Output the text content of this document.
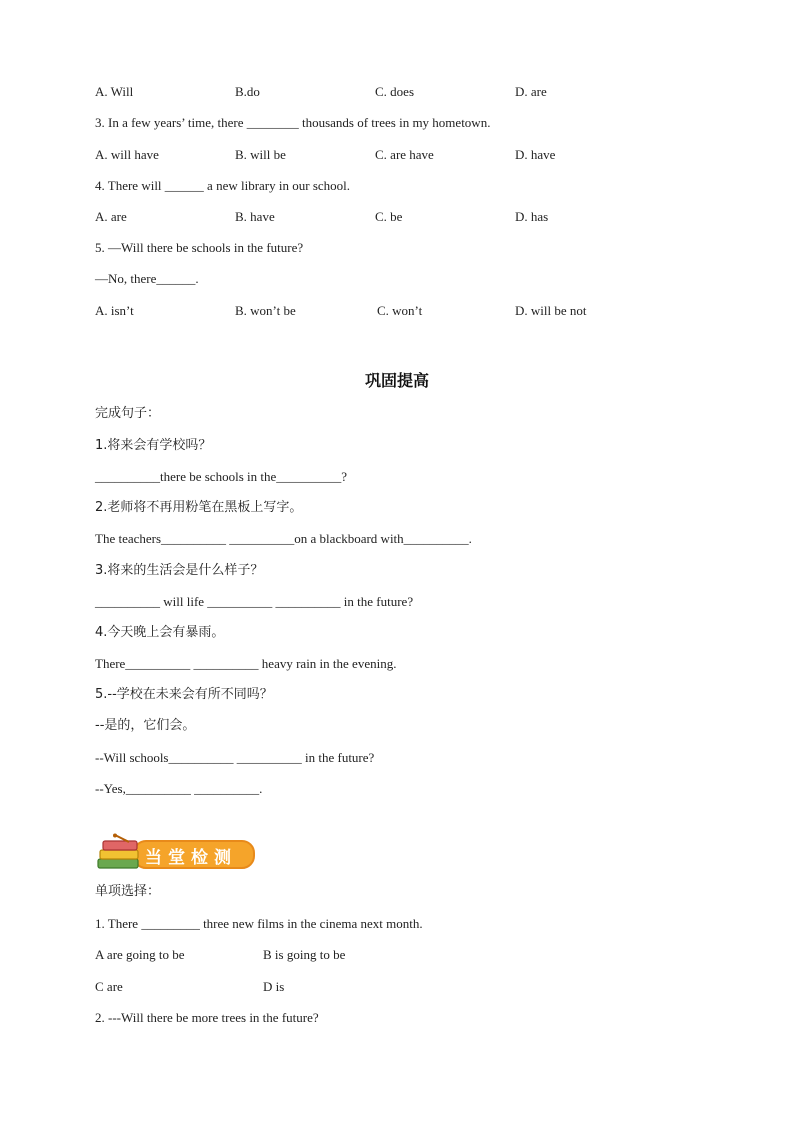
A. Will	B.do	C. does	D. are
3. In a few years’ time, there ________ thousands of trees in my hometown.
A. will have	B. will be	C. are have	D. have
4. There will ______ a new library in our school.
A. are	B. have	C. be	D. has
5. —Will there be schools in the future?
—No, there______.
A. isn’t	B. won’t be	C. won’t	D. will be not
巩固提高
完成句子：
1.将来会有学校吗？
__________there be schools in the__________?
2.老师将不再用粉笔在黑板上写字。
The teachers__________ __________on a blackboard with__________.
3.将来的生活会是什么样子？
__________ will life __________ __________ in the future?
4.今天晚上会有暴雨。
There__________ __________ heavy rain in the evening.
5.--学校在未来会有所不同吗？
--是的，它们会。
--Will schools__________ __________ in the future?
--Yes,__________ __________.
当堂检测
单项选择：
1. There _________ three new films in the cinema next month.
A are going to be	B is going to be
C are	D is
2. ---Will there be more trees in the future?
